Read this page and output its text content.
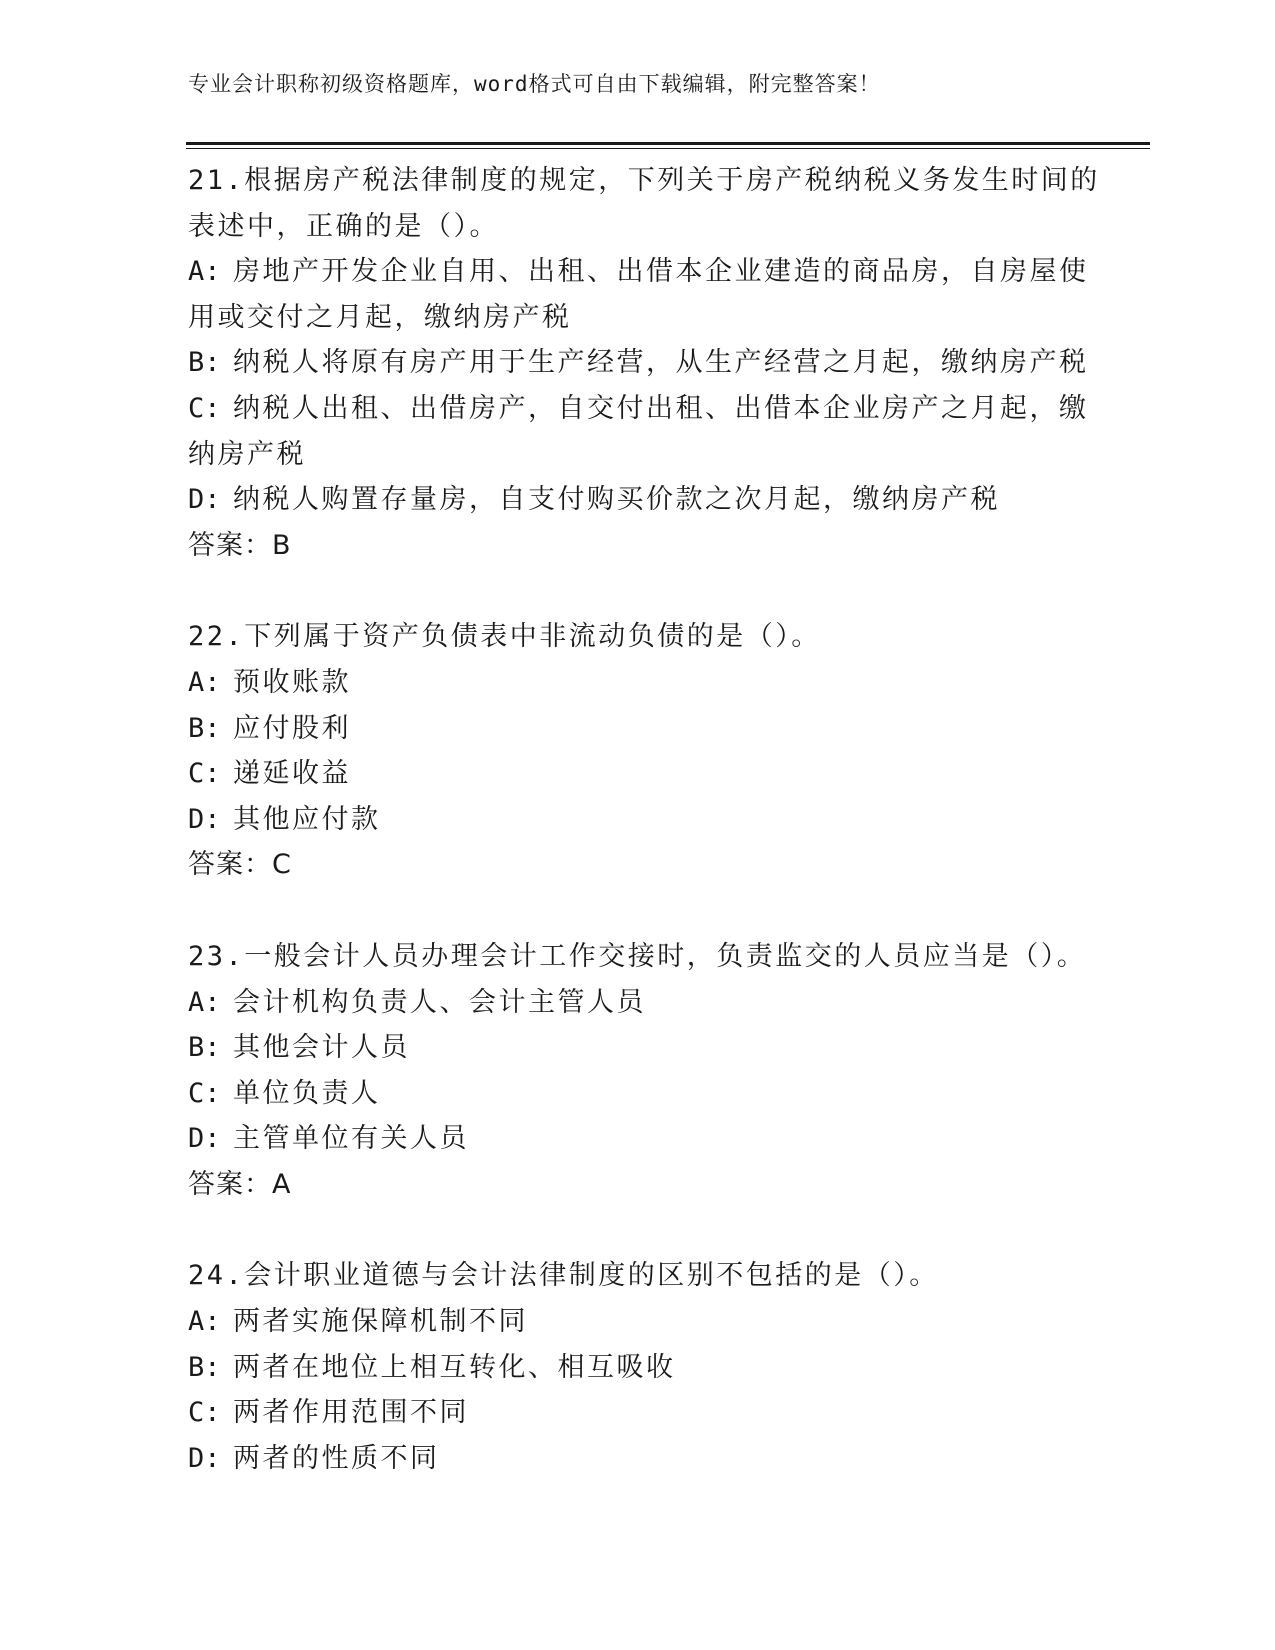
专业会计职称初级资格题库，word格式可自由下载编辑，附完整答案！

21.根据房产税法律制度的规定，下列关于房产税纳税义务发生时间的

表述中，正确的是（）。

A: 房地产开发企业自用、出租、出借本企业建造的商品房，自房屋使

用或交付之月起，缴纳房产税

B: 纳税人将原有房产用于生产经营，从生产经营之月起，缴纳房产税

C: 纳税人出租、出借房产，自交付出租、出借本企业房产之月起，缴

纳房产税

D: 纳税人购置存量房，自支付购买价款之次月起，缴纳房产税

答案：B

22.下列属于资产负债表中非流动负债的是（）。

A: 预收账款

B: 应付股利

C: 递延收益

D: 其他应付款

答案：C

23.一般会计人员办理会计工作交接时，负责监交的人员应当是（）。

A: 会计机构负责人、会计主管人员

B: 其他会计人员

C: 单位负责人

D: 主管单位有关人员

答案：A

24.会计职业道德与会计法律制度的区别不包括的是（）。

A: 两者实施保障机制不同

B: 两者在地位上相互转化、相互吸收

C: 两者作用范围不同

D: 两者的性质不同
